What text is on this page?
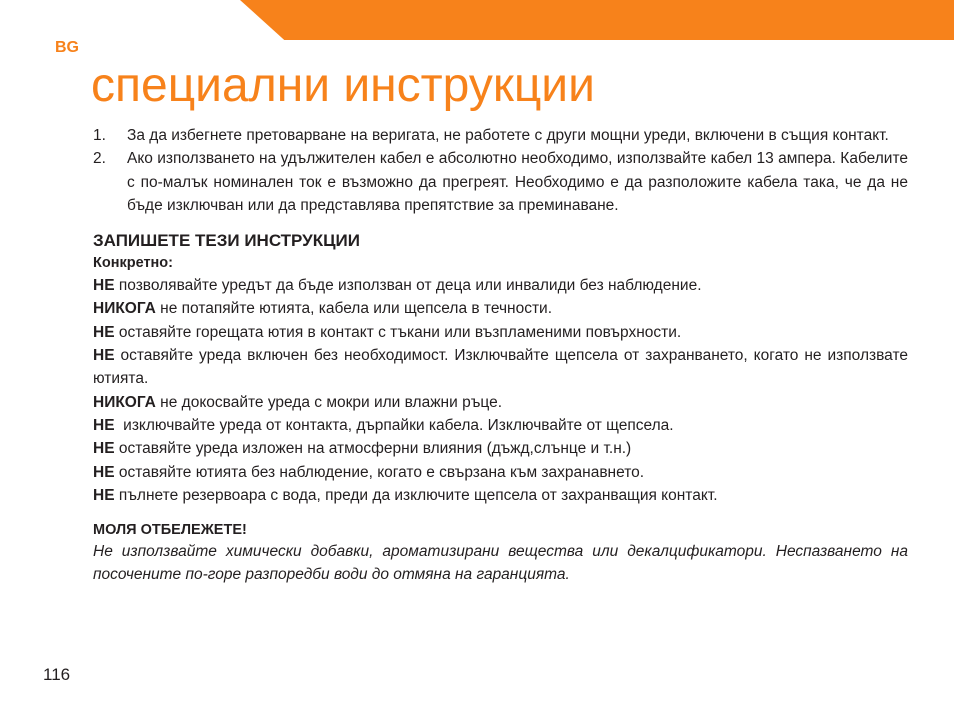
BG
специални инструкции
1. За да избегнете претоварване на веригата, не работете с други мощни уреди, включени в същия контакт.
2. Ако използването на удължителен кабел е абсолютно необходимо, използвайте кабел 13 ампера. Кабелите с по-малък номинален ток е възможно да прегреят. Необходимо е да разположите кабела така, че да не бъде изключван или да представлява препятствие за преминаване.
ЗАПИШЕТЕ ТЕЗИ ИНСТРУКЦИИ
Конкретно:

НЕ позволявайте уредът да бъде използван от деца или инвалиди без наблюдение.

НИКОГА не потапяйте ютията, кабела или щепсела в течности.

НЕ оставяйте горещата ютия в контакт с тъкани или възпламеними повърхности.

НЕ оставяйте уреда включен без необходимост. Изключвайте щепсела от захранването, когато не използвате ютията.

НИКОГА не докосвайте уреда с мокри или влажни ръце.

НЕ  изключвайте уреда от контакта, дърпайки кабела. Изключвайте от щепсела.

НЕ оставяйте уреда изложен на атмосферни влияния (дъжд,слънце и т.н.)

НЕ оставяйте ютията без наблюдение, когато е свързана към захранавнето.

НЕ пълнете резервоара с вода, преди да изключите щепсела от захранващия контакт.

МОЛЯ ОТБЕЛЕЖЕТЕ!
Не използвайте химически добавки, ароматизирани вещества или декалцификатори. Неспазването на посочените по-горе разпоредби води до отмяна на гаранцията.
116
